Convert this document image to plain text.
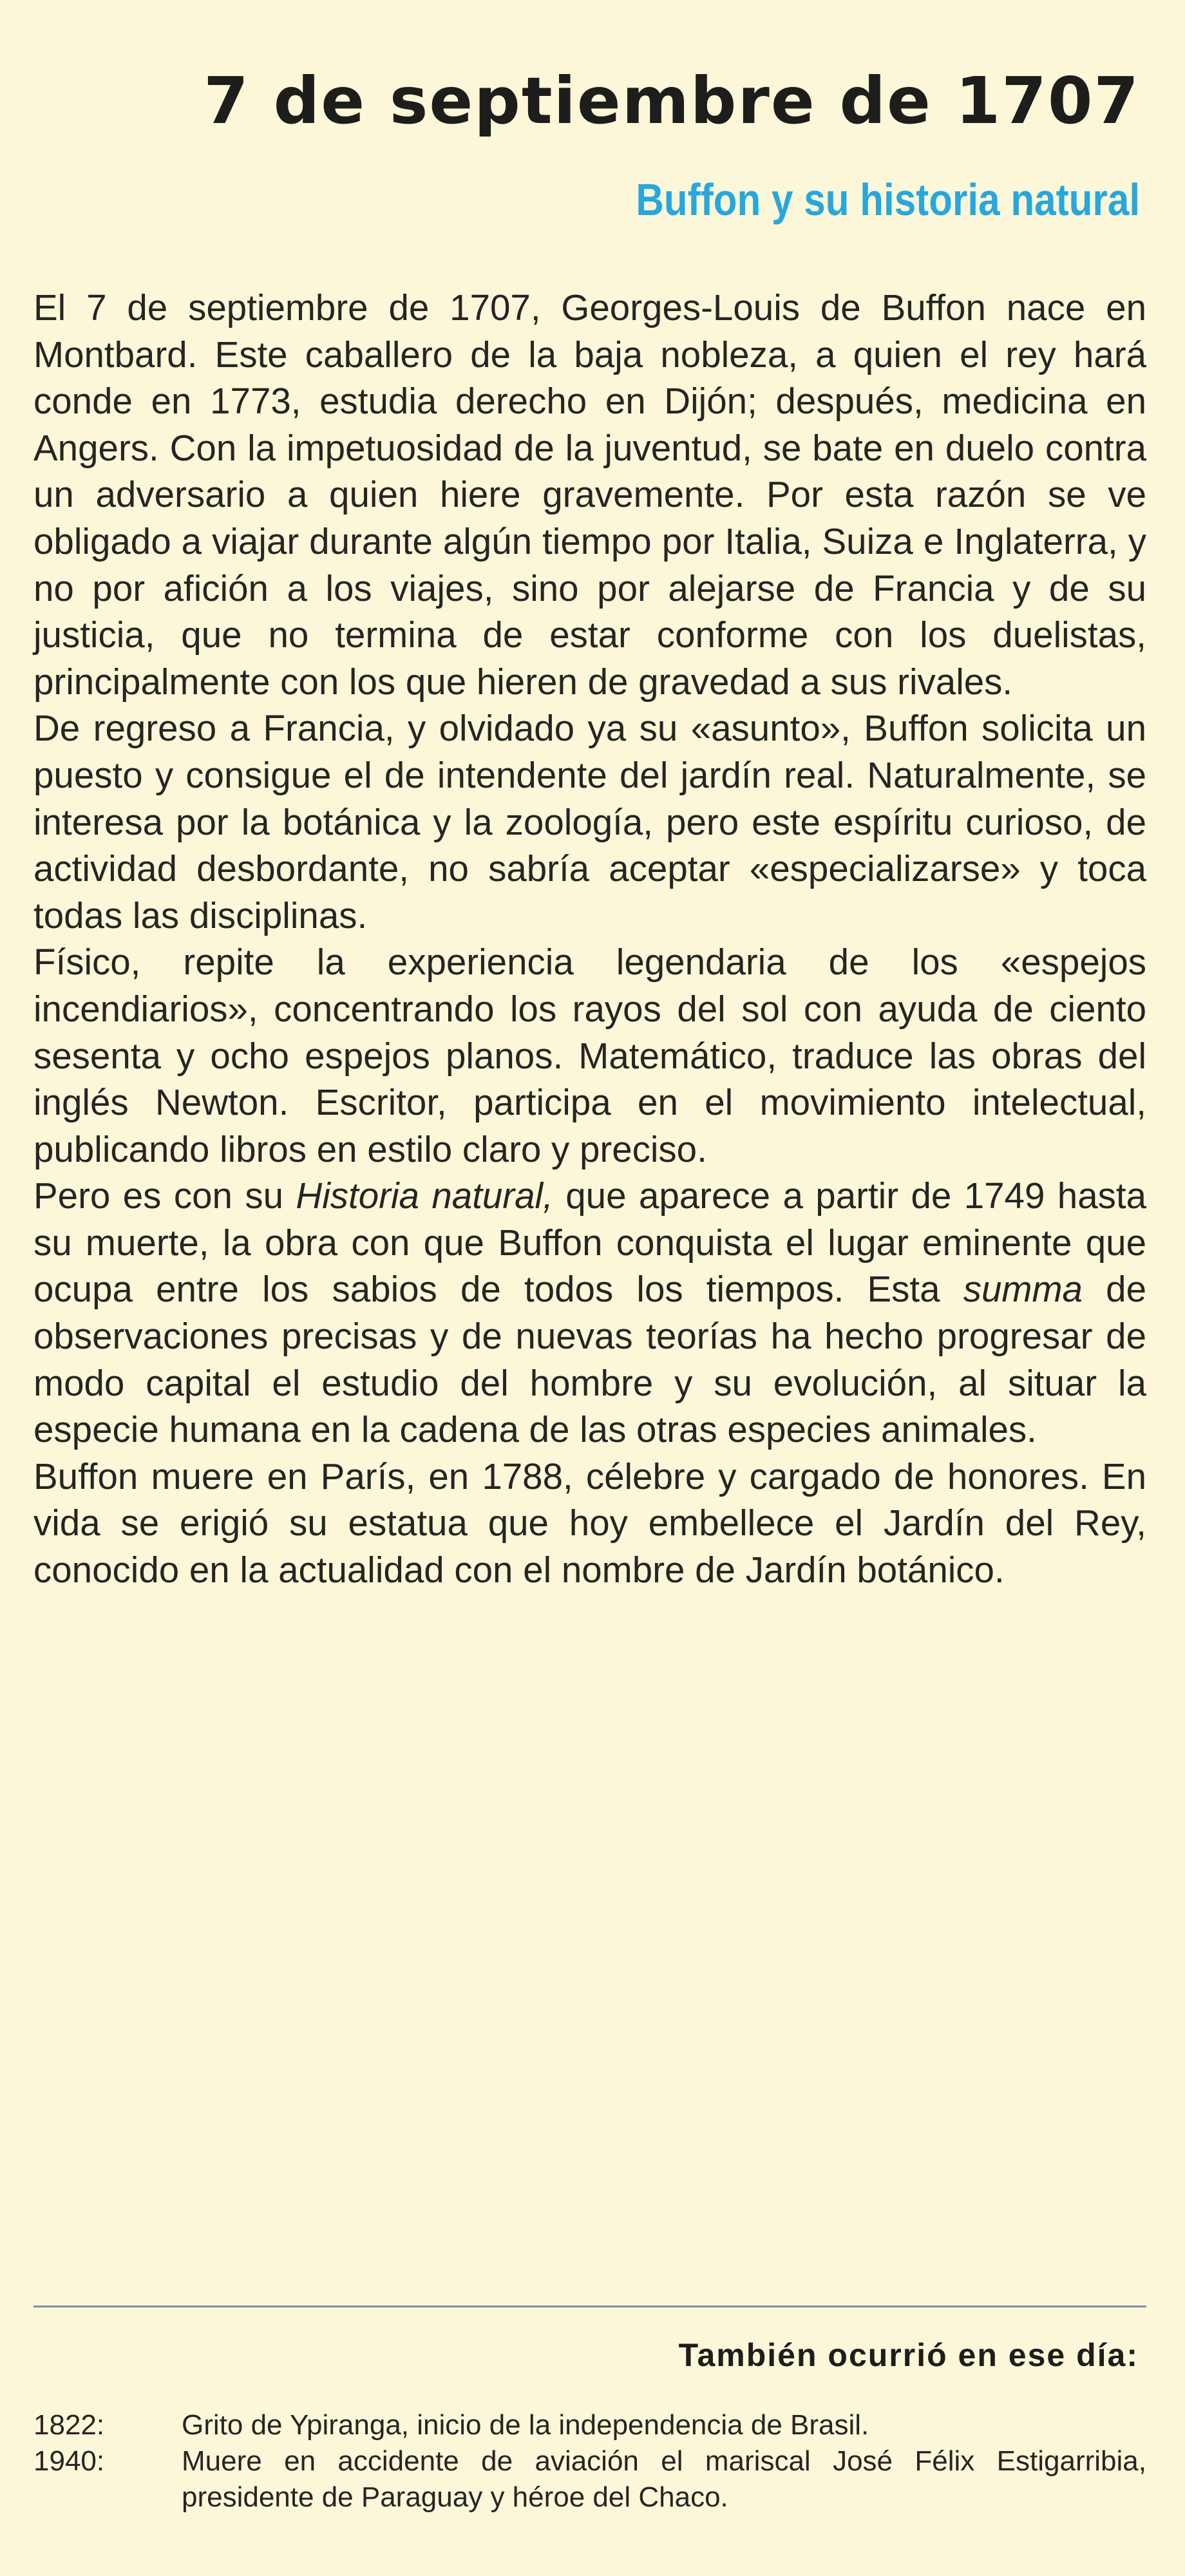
7 de septiembre de 1707
Buffon y su historia natural

El 7 de septiembre de 1707, Georges-Louis de Buffon nace en Montbard. Este caballero de la baja nobleza, a quien el rey hará conde en 1773, estudia derecho en Dijón; después, medicina en Angers. Con la impetuosidad de la juventud, se bate en duelo contra un adversario a quien hiere gravemente. Por esta razón se ve obligado a viajar durante algún tiempo por Italia, Suiza e Inglaterra, y no por afición a los viajes, sino por alejarse de Francia y de su justicia, que no termina de estar conforme con los duelistas, principalmente con los que hieren de gravedad a sus rivales.

De regreso a Francia, y olvidado ya su «asunto», Buffon solicita un puesto y consigue el de intendente del jardín real. Naturalmente, se interesa por la botánica y la zoología, pero este espíritu curioso, de actividad desbordante, no sabría aceptar «especializarse» y toca todas las disciplinas.

Físico, repite la experiencia legendaria de los «espejos incendiarios», concentrando los rayos del sol con ayuda de ciento sesenta y ocho espejos planos. Matemático, traduce las obras del inglés Newton. Escritor, participa en el movimiento intelectual, publicando libros en estilo claro y preciso.

Pero es con su Historia natural, que aparece a partir de 1749 hasta su muerte, la obra con que Buffon conquista el lugar eminente que ocupa entre los sabios de todos los tiempos. Esta summa de observaciones precisas y de nuevas teorías ha hecho progresar de modo capital el estudio del hombre y su evolución, al situar la especie humana en la cadena de las otras especies animales.

Buffon muere en París, en 1788, célebre y cargado de honores. En vida se erigió su estatua que hoy embellece el Jardín del Rey, conocido en la actualidad con el nombre de Jardín botánico.

También ocurrió en ese día:
1822:	Grito de Ypiranga, inicio de la independencia de Brasil.
1940:	Muere en accidente de aviación el mariscal José Félix Estigarribia, presidente de Paraguay y héroe del Chaco.
